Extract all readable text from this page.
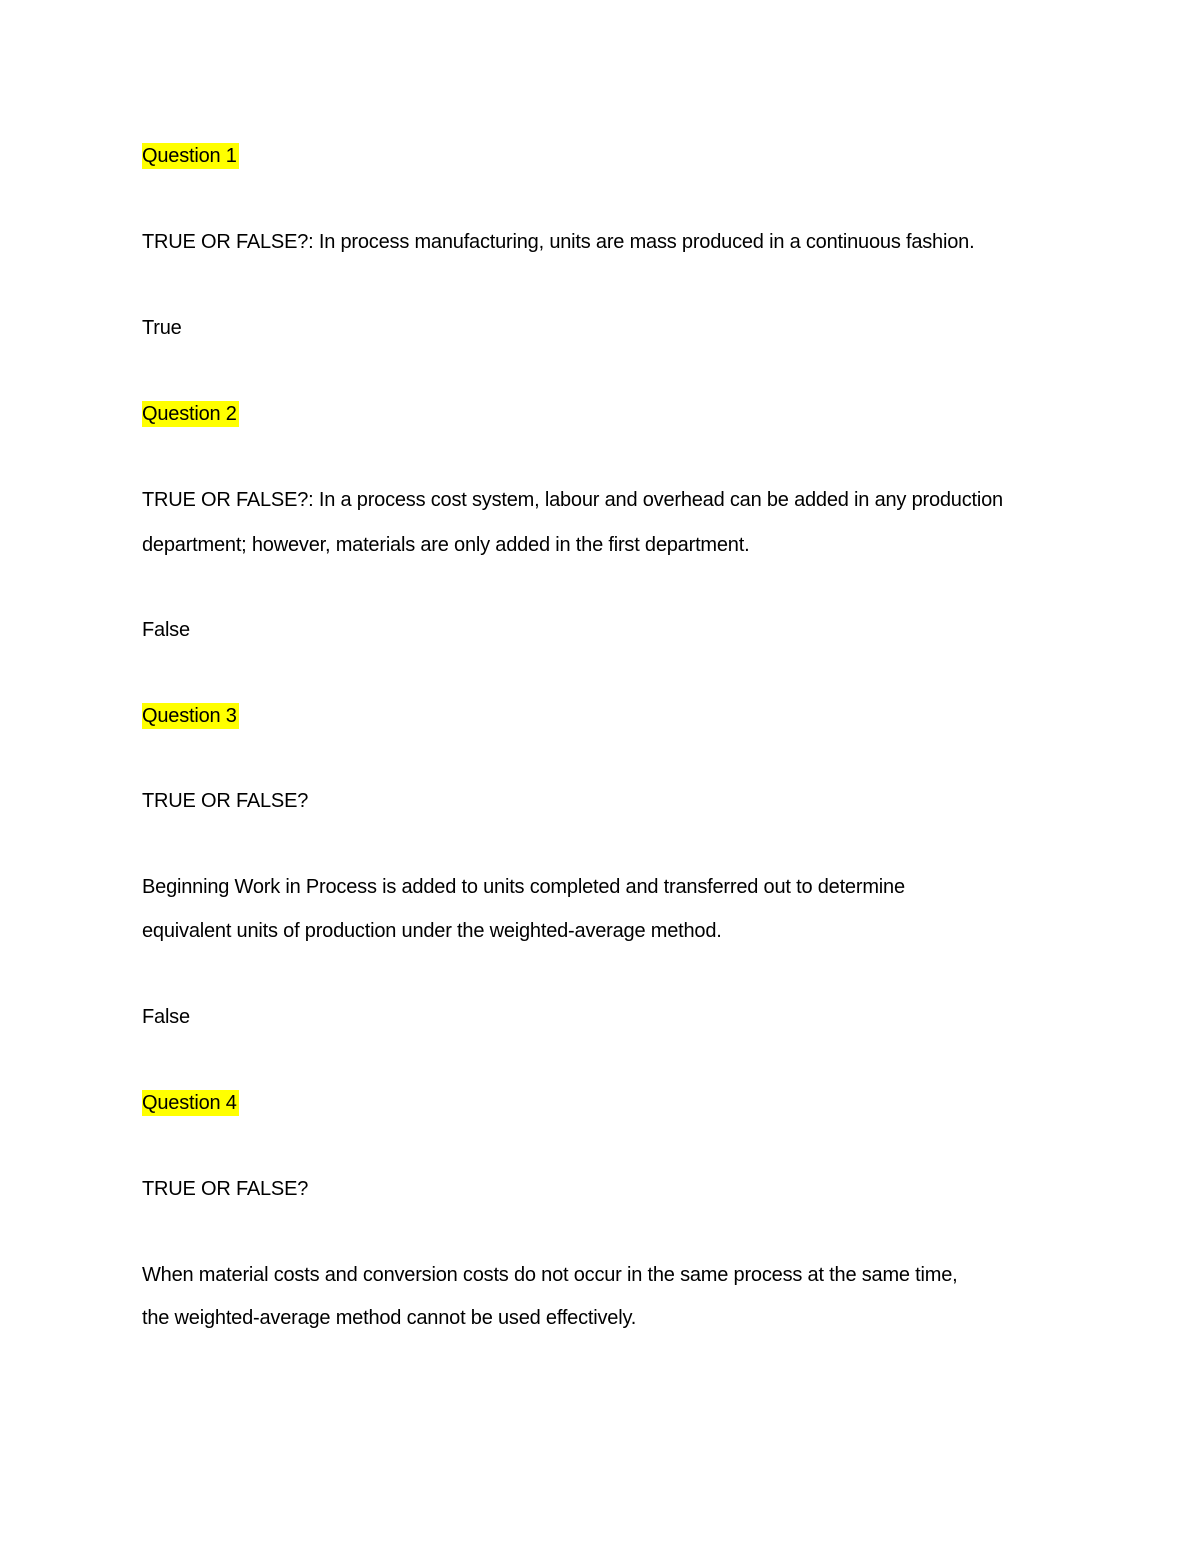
Question 1
TRUE OR FALSE?: In process manufacturing, units are mass produced in a continuous fashion.
True
Question 2
TRUE OR FALSE?: In a process cost system, labour and overhead can be added in any production
department; however, materials are only added in the first department.
False
Question 3
TRUE OR FALSE?
Beginning Work in Process is added to units completed and transferred out to determine
equivalent units of production under the weighted-average method.
False
Question 4
TRUE OR FALSE?
When material costs and conversion costs do not occur in the same process at the same time,
the weighted-average method cannot be used effectively.
